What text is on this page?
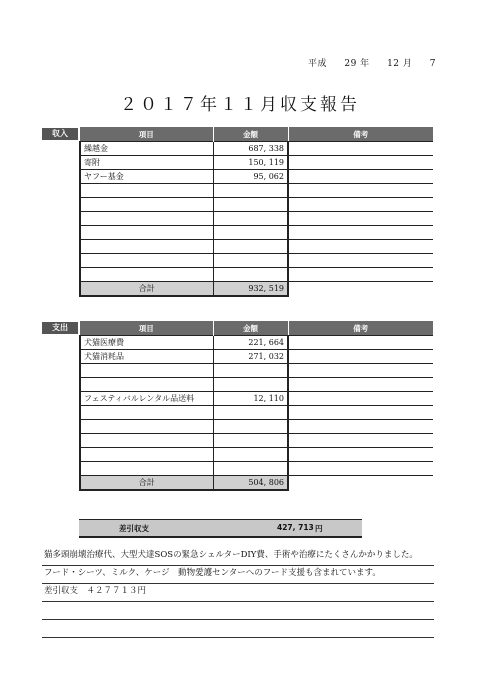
平成 29 年 12 月 7
２０１７年１１月収支報告
収入	項目	金額	備考
繰越金	687, 338	
寄附	150, 119	
ヤフー基金	95, 062	

合計	932, 519	
支出	項目	金額	備考
犬猫医療費	221, 664	
犬猫消耗品	271, 032	

フェスティバルレンタル品送料	12, 110	

合計	504, 806	
差引収支	427, 713 円
猫多頭崩壊治療代、大型犬達SOSの緊急シェルターDIY費、手術や治療にたくさんかかりました。
フード・シーツ、ミルク、ケージ　動物愛護センターへのフード支援も含まれています。
差引収支　４２７７１３円
